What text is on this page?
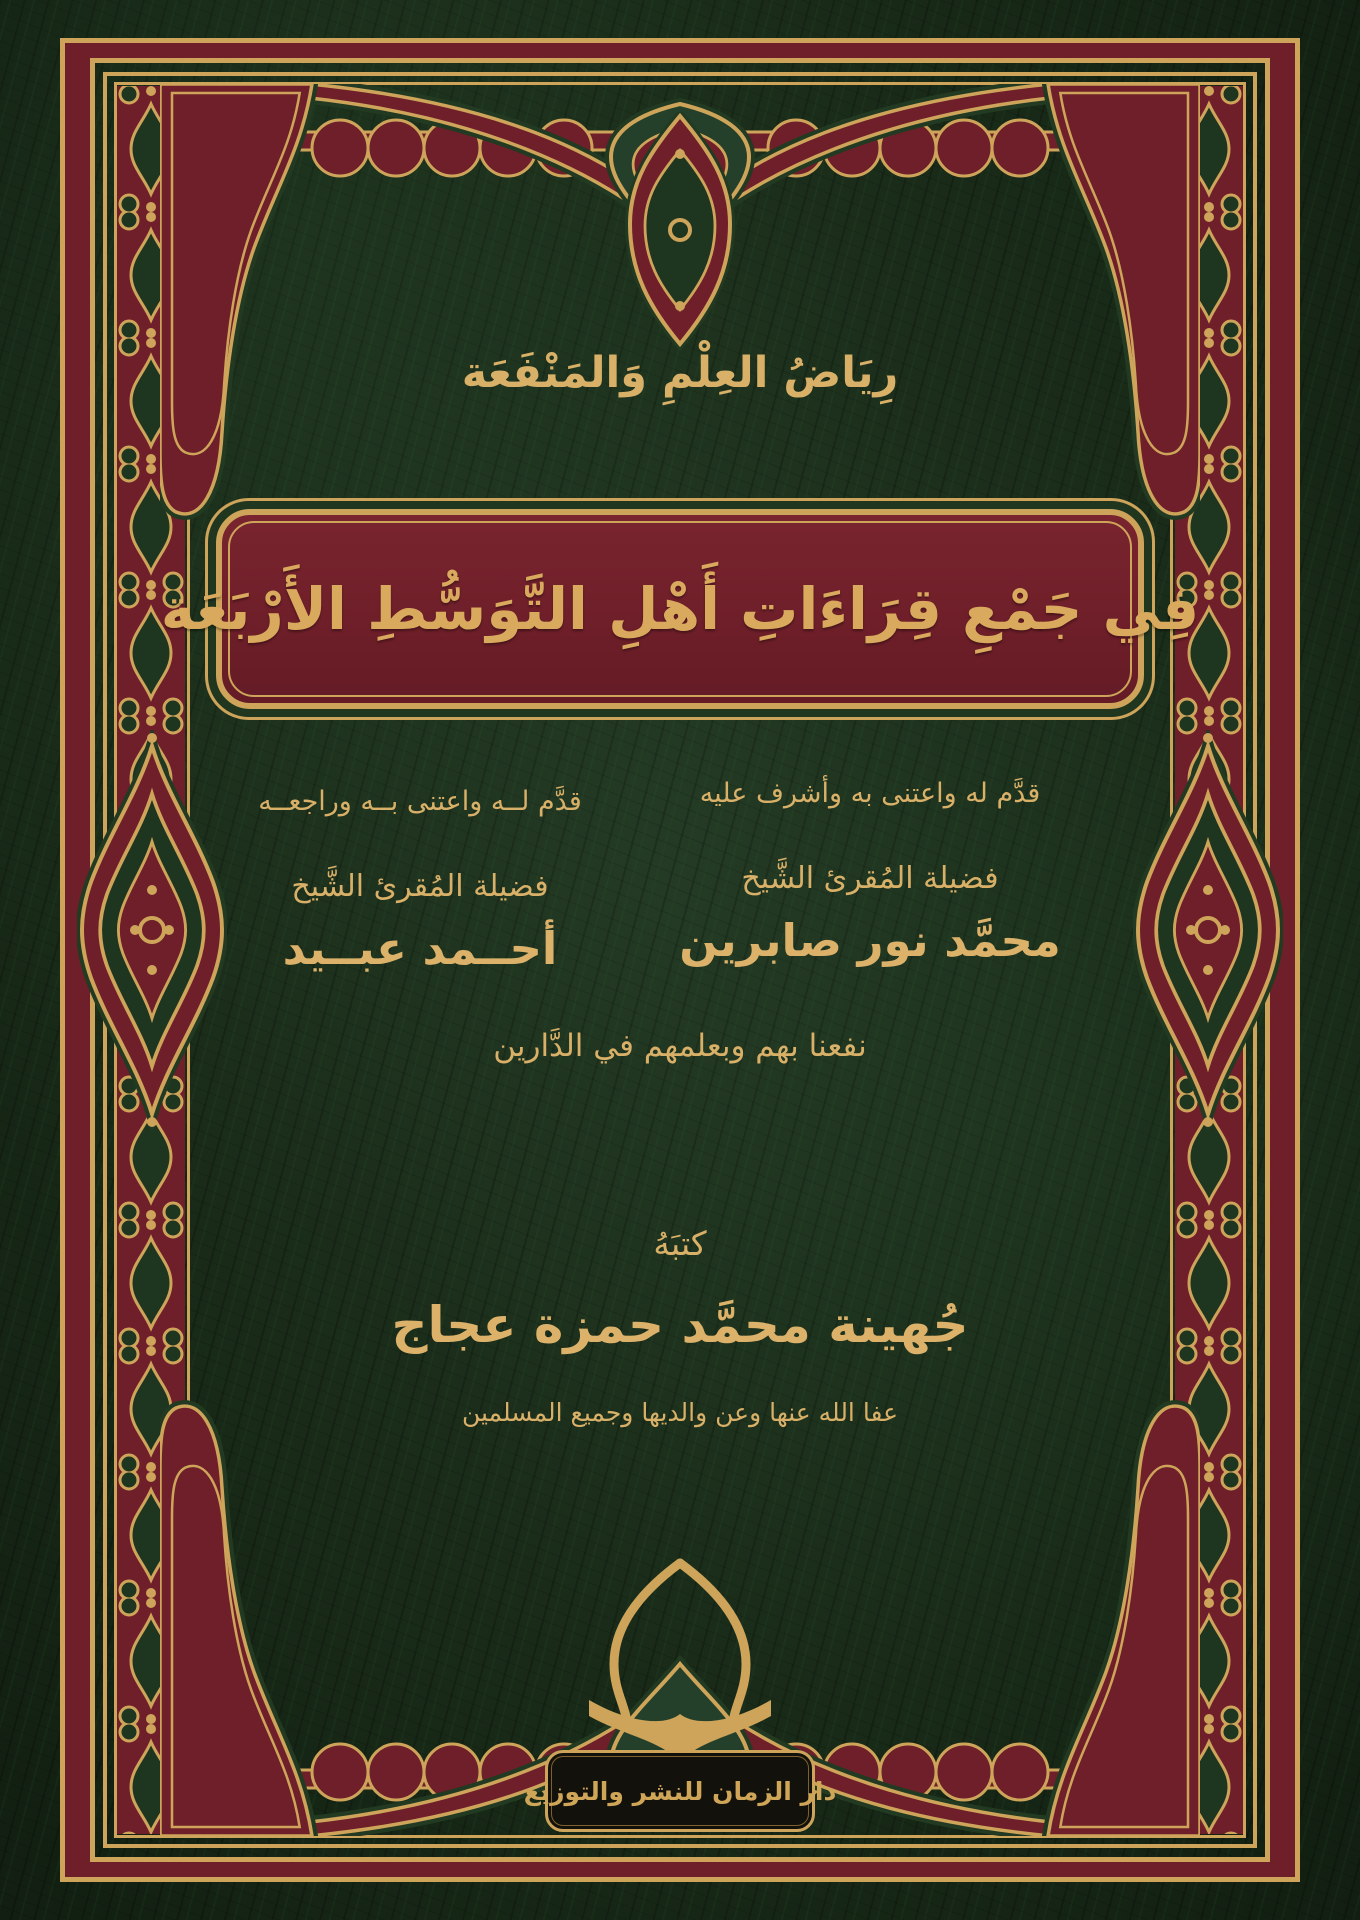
رِيَاضُ العِلْمِ وَالمَنْفَعَة
فِي جَمْعِ قِرَاءَاتِ أَهْلِ التَّوَسُّطِ الأَرْبَعَة
قدَّم له واعتنى به وأشرف عليه
فضيلة المُقرئ الشَّيخ
محمَّد نور صابرين
قدَّم لــه واعتنى بــه وراجعــه
فضيلة المُقرئ الشَّيخ
أحــمد عبــيد
نفعنا بهم وبعلمهم في الدَّارين
كتبَهُ
جُهينة محمَّد حمزة عجاج
عفا الله عنها وعن والديها وجميع المسلمين
دار الزمان للنشر والتوزيع
